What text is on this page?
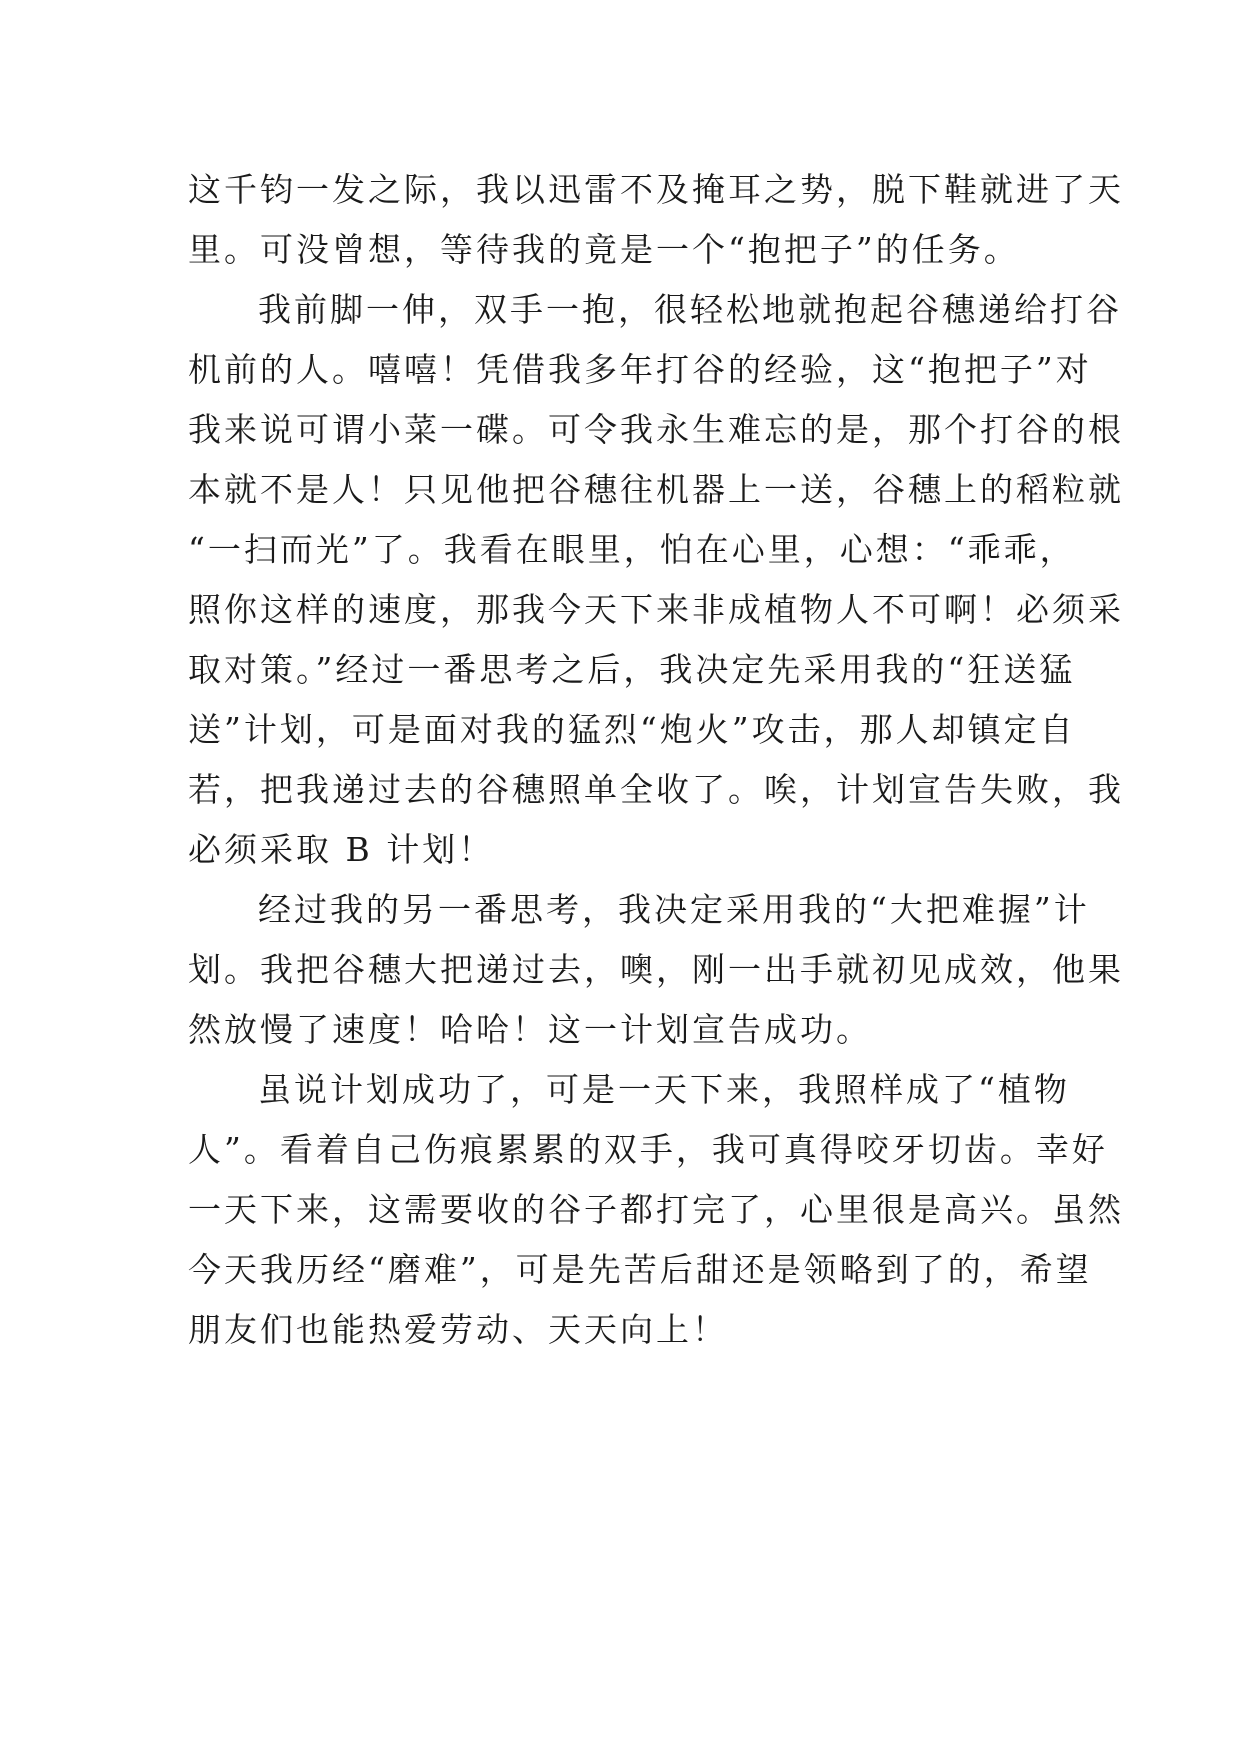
这千钧一发之际，我以迅雷不及掩耳之势，脱下鞋就进了天
里。可没曾想，等待我的竟是一个“抱把子”的任务。
我前脚一伸，双手一抱，很轻松地就抱起谷穗递给打谷
机前的人。嘻嘻！凭借我多年打谷的经验，这“抱把子”对
我来说可谓小菜一碟。可令我永生难忘的是，那个打谷的根
本就不是人！只见他把谷穗往机器上一送，谷穗上的稻粒就
“一扫而光”了。我看在眼里，怕在心里，心想：“乖乖，
照你这样的速度，那我今天下来非成植物人不可啊！必须采
取对策。”经过一番思考之后，我决定先采用我的“狂送猛
送”计划，可是面对我的猛烈“炮火”攻击，那人却镇定自
若，把我递过去的谷穗照单全收了。唉，计划宣告失败，我
必须采取 B 计划！
经过我的另一番思考，我决定采用我的“大把难握”计
划。我把谷穗大把递过去，噢，刚一出手就初见成效，他果
然放慢了速度！哈哈！这一计划宣告成功。
虽说计划成功了，可是一天下来，我照样成了“植物
人”。看着自己伤痕累累的双手，我可真得咬牙切齿。幸好
一天下来，这需要收的谷子都打完了，心里很是高兴。虽然
今天我历经“磨难”，可是先苦后甜还是领略到了的，希望
朋友们也能热爱劳动、天天向上！
